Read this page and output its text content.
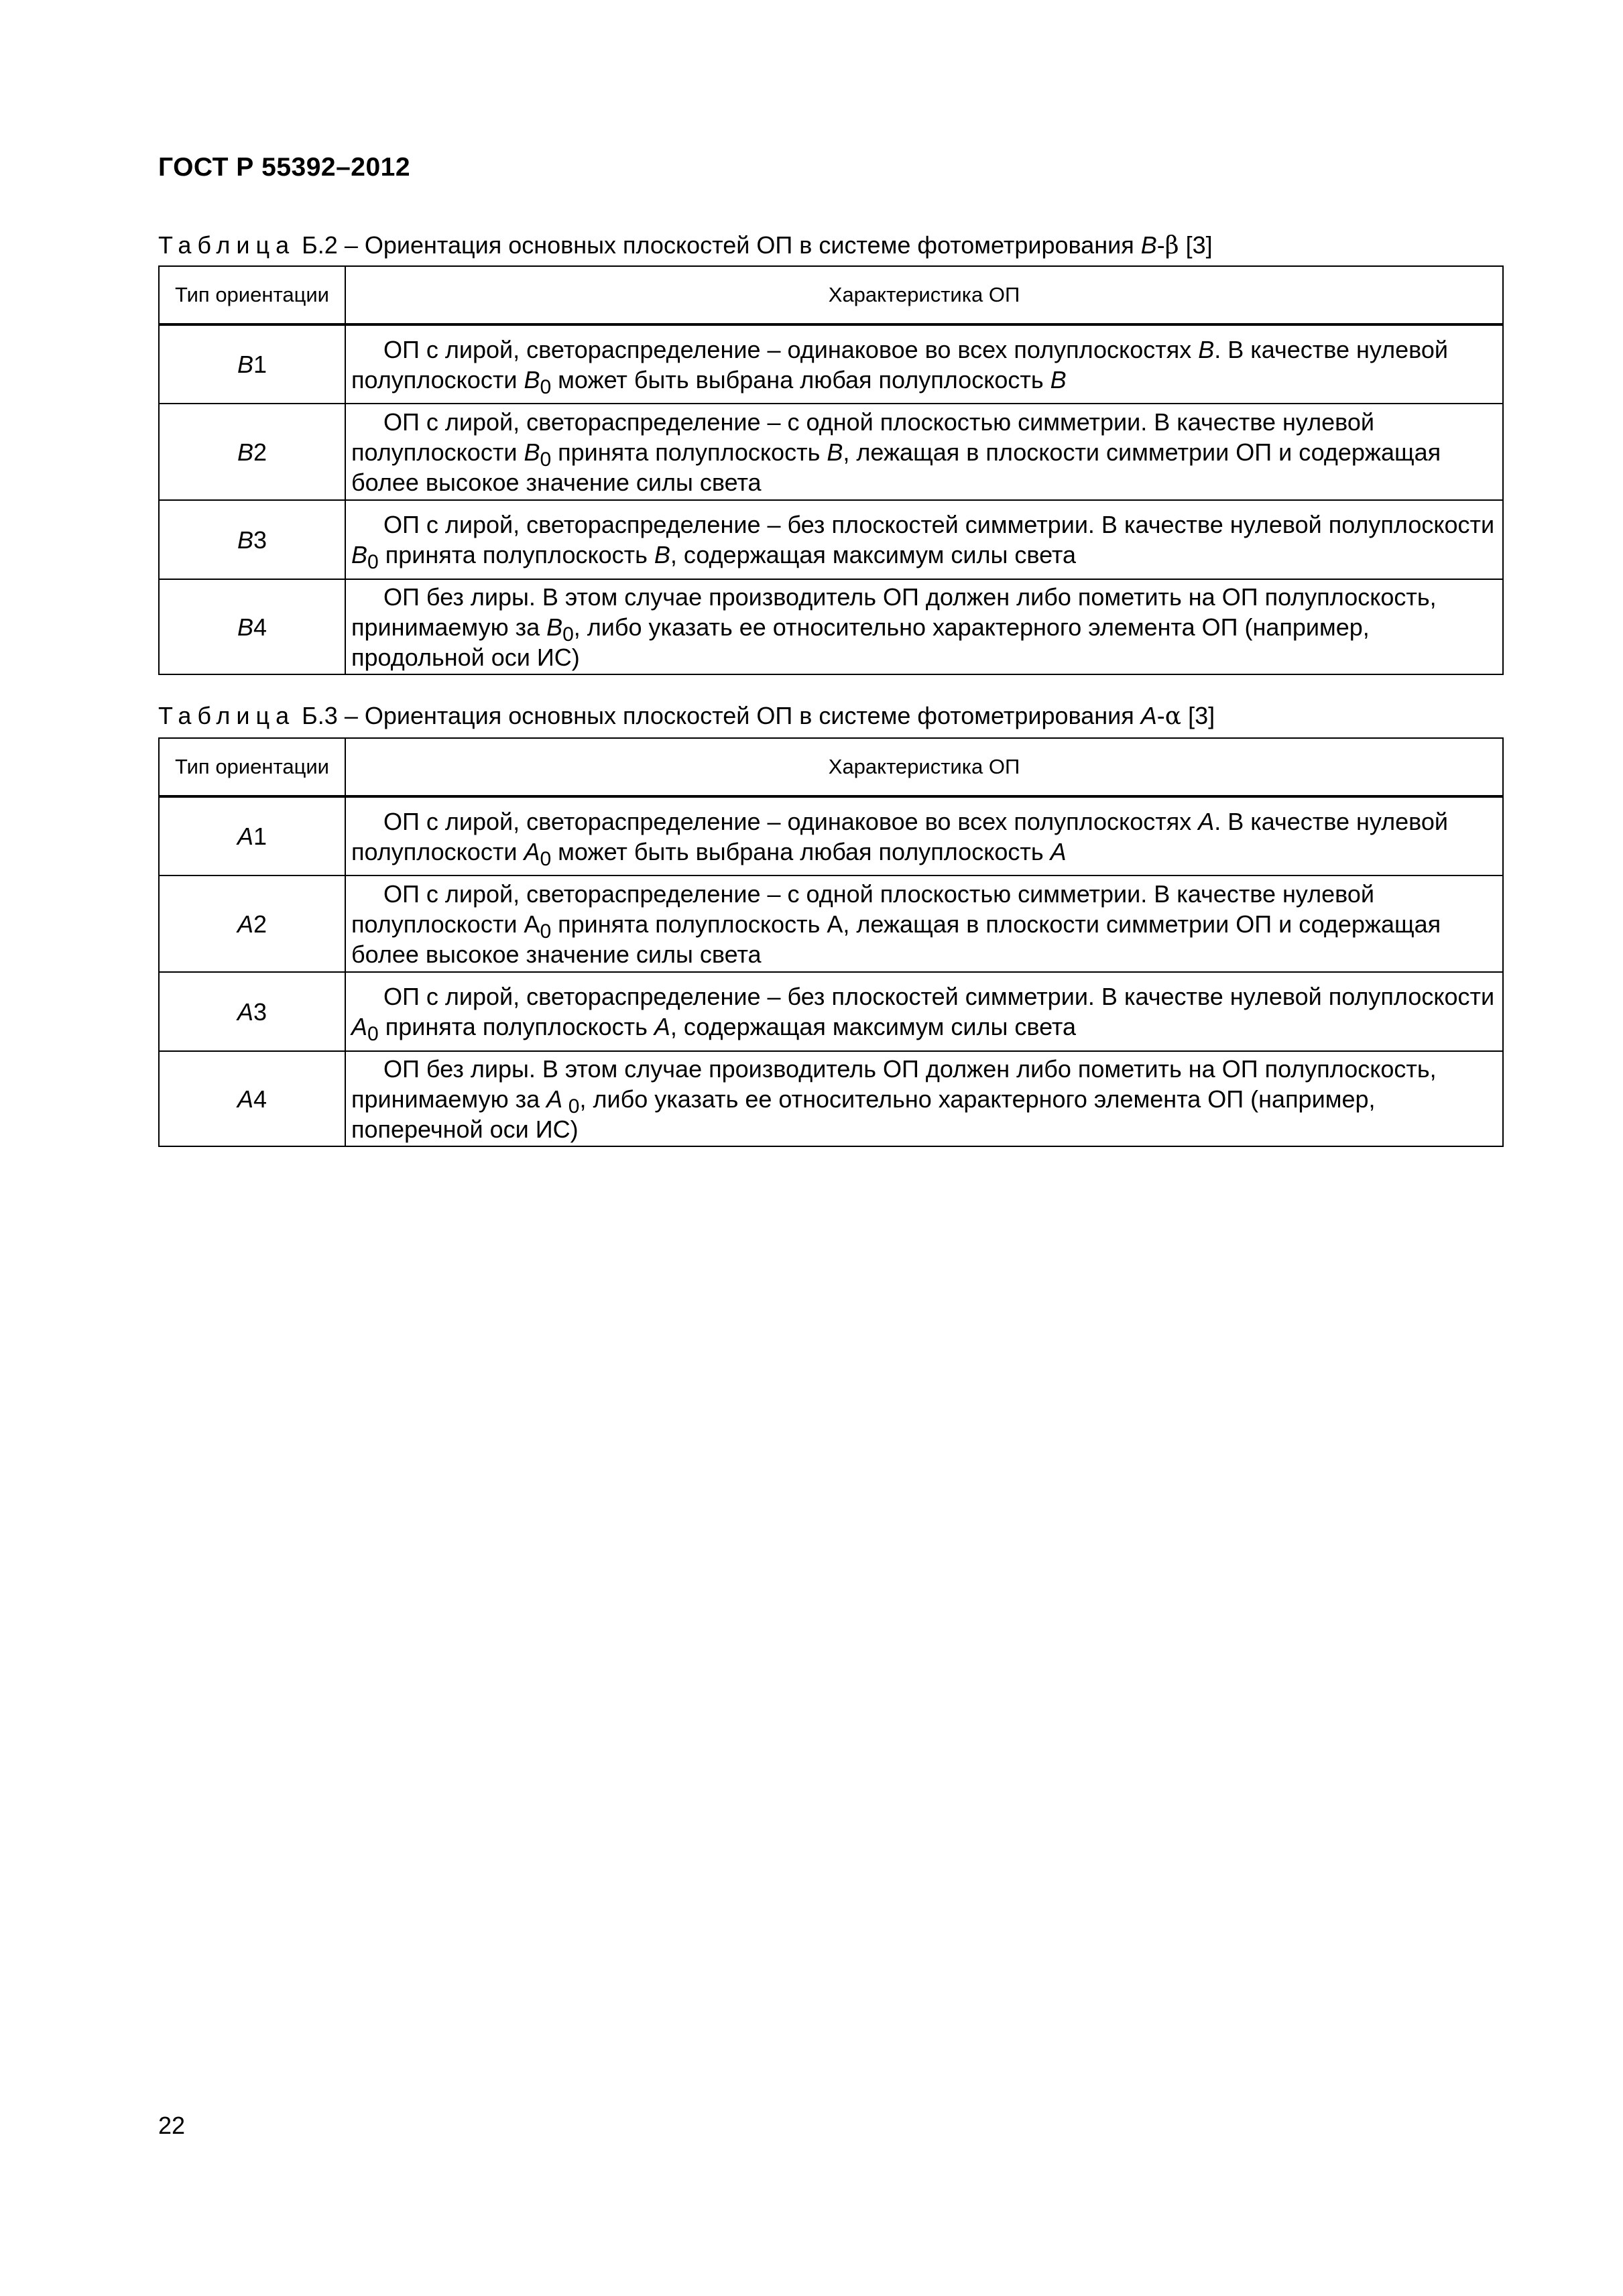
ГОСТ Р 55392–2012
Таблица Б.2 – Ориентация основных плоскостей ОП в системе фотометрирования B-β [3]
Тип ориентации	Характеристика ОП
B1	ОП с лирой, светораспределение – одинаковое во всех полуплоскостях B. В качестве нулевой полуплоскости $B_0$ может быть выбрана любая полуплоскость B

B2	ОП с лирой, светораспределение – с одной плоскостью симметрии. В качестве нулевой полуплоскости $B_0$ принята полуплоскость B, лежащая в плоскости симметрии ОП и содержащая более высокое значение силы света

B3	ОП с лирой, светораспределение – без плоскостей симметрии. В качестве нулевой полуплоскости $B_0$ принята полуплоскость B, содержащая максимум силы света

B4	ОП без лиры. В этом случае производитель ОП должен либо пометить на ОП полуплоскость, принимаемую за $B_0$, либо указать ее относительно характерного элемента ОП (например, продольной оси ИС)
Таблица Б.3 – Ориентация основных плоскостей ОП в системе фотометрирования A-α [3]
Тип ориентации	Характеристика ОП
A1	ОП с лирой, светораспределение – одинаковое во всех полуплоскостях A. В качестве нулевой полуплоскости $A_0$ может быть выбрана любая полуплоскость A

A2	ОП с лирой, светораспределение – с одной плоскостью симметрии. В качестве нулевой полуплоскости $А_0$ принята полуплоскость А, лежащая в плоскости симметрии ОП и содержащая более высокое значение силы света

A3	ОП с лирой, светораспределение – без плоскостей симметрии. В качестве нулевой полуплоскости $A_0$ принята полуплоскость A, содержащая максимум силы света

A4	ОП без лиры. В этом случае производитель ОП должен либо пометить на ОП полуплоскость, принимаемую за A $_0$, либо указать ее относительно характерного элемента ОП (например, поперечной оси ИС)
22
